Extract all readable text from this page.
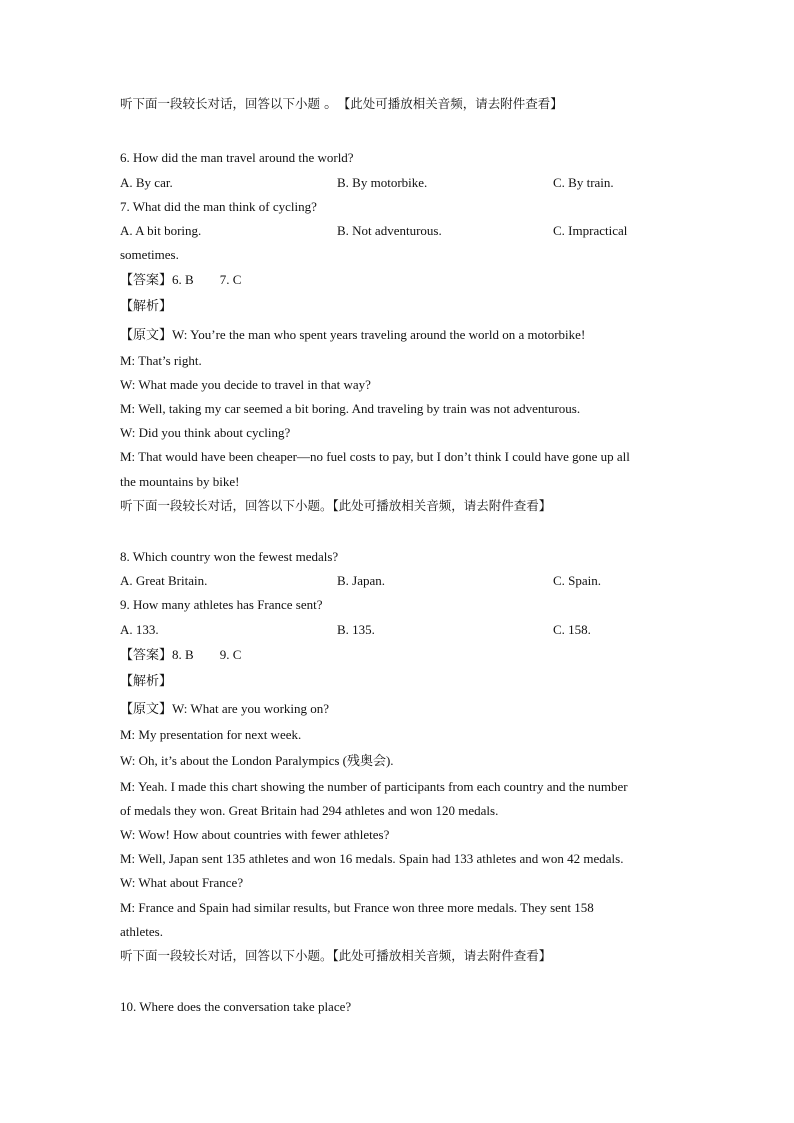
听下面一段较长对话，回答以下小题 。 【此处可播放相关音频，请去附件查看】
6. How did the man travel around the world?
A. By car.	B. By motorbike.	C. By train.
7. What did the man think of cycling?
A. A bit boring.	B. Not adventurous.	C. Impractical
sometimes.
【答案】6. B 7. C
【解析】
【原文】W: You’re the man who spent years traveling around the world on a motorbike!
M: That’s right.
W: What made you decide to travel in that way?
M: Well, taking my car seemed a bit boring. And traveling by train was not adventurous.
W: Did you think about cycling?
M: That would have been cheaper—no fuel costs to pay, but I don’t think I could have gone up all
the mountains by bike!
听下面一段较长对话，回答以下小题。【此处可播放相关音频，请去附件查看】
8. Which country won the fewest medals?
A. Great Britain.	B. Japan.	C. Spain.
9. How many athletes has France sent?
A. 133.	B. 135.	C. 158.
【答案】8. B 9. C
【解析】
【原文】W: What are you working on?
M: My presentation for next week.
W: Oh, it’s about the London Paralympics (残奥会).
M: Yeah. I made this chart showing the number of participants from each country and the number
of medals they won. Great Britain had 294 athletes and won 120 medals.
W: Wow! How about countries with fewer athletes?
M: Well, Japan sent 135 athletes and won 16 medals. Spain had 133 athletes and won 42 medals.
W: What about France?
M: France and Spain had similar results, but France won three more medals. They sent 158
athletes.
听下面一段较长对话，回答以下小题。【此处可播放相关音频，请去附件查看】
10. Where does the conversation take place?
